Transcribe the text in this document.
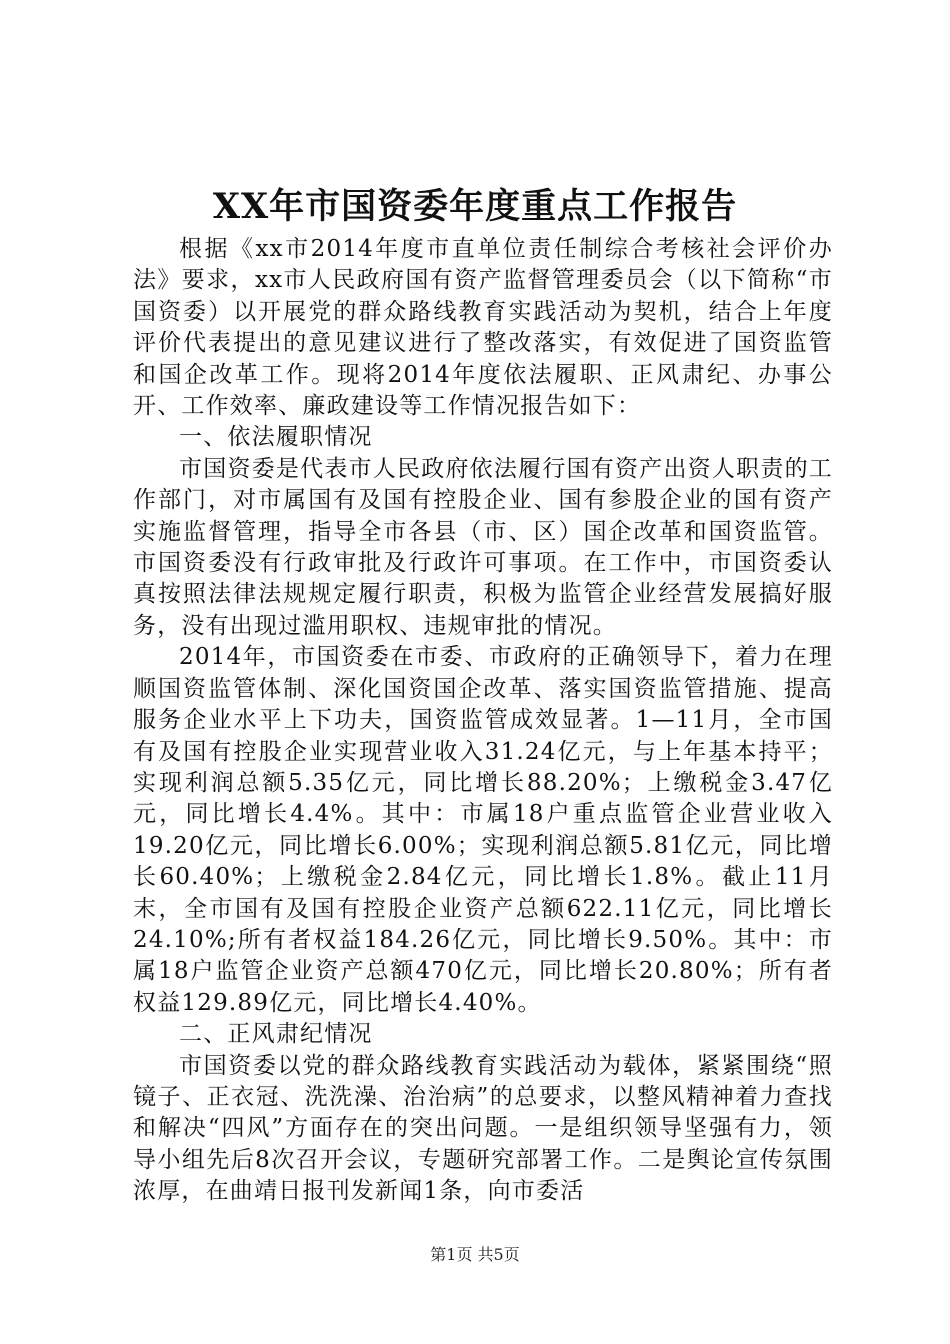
XX年市国资委年度重点工作报告

根据《xx市2014年度市直单位责任制综合考核社会评价办法》要求，xx市人民政府国有资产监督管理委员会（以下简称“市国资委）以开展党的群众路线教育实践活动为契机，结合上年度评价代表提出的意见建议进行了整改落实，有效促进了国资监管和国企改革工作。现将2014年度依法履职、正风肃纪、办事公开、工作效率、廉政建设等工作情况报告如下：

一、依法履职情况

市国资委是代表市人民政府依法履行国有资产出资人职责的工作部门，对市属国有及国有控股企业、国有参股企业的国有资产实施监督管理，指导全市各县（市、区）国企改革和国资监管。市国资委没有行政审批及行政许可事项。在工作中，市国资委认真按照法律法规规定履行职责，积极为监管企业经营发展搞好服务，没有出现过滥用职权、违规审批的情况。

2014年，市国资委在市委、市政府的正确领导下，着力在理顺国资监管体制、深化国资国企改革、落实国资监管措施、提高服务企业水平上下功夫，国资监管成效显著。1—11月，全市国有及国有控股企业实现营业收入31.24亿元，与上年基本持平；实现利润总额5.35亿元，同比增长88.20%；上缴税金3.47亿元，同比增长4.4%。其中：市属18户重点监管企业营业收入19.20亿元，同比增长6.00%；实现利润总额5.81亿元，同比增长60.40%；上缴税金2.84亿元，同比增长1.8%。截止11月末，全市国有及国有控股企业资产总额622.11亿元，同比增长24.10%;所有者权益184.26亿元，同比增长9.50%。其中：市属18户监管企业资产总额470亿元，同比增长20.80%；所有者权益129.89亿元，同比增长4.40%。

二、正风肃纪情况

市国资委以党的群众路线教育实践活动为载体，紧紧围绕“照镜子、正衣冠、洗洗澡、治治病”的总要求，以整风精神着力查找和解决“四风”方面存在的突出问题。一是组织领导坚强有力，领导小组先后8次召开会议，专题研究部署工作。二是舆论宣传氛围浓厚，在曲靖日报刊发新闻1条，向市委活

第1页 共5页
